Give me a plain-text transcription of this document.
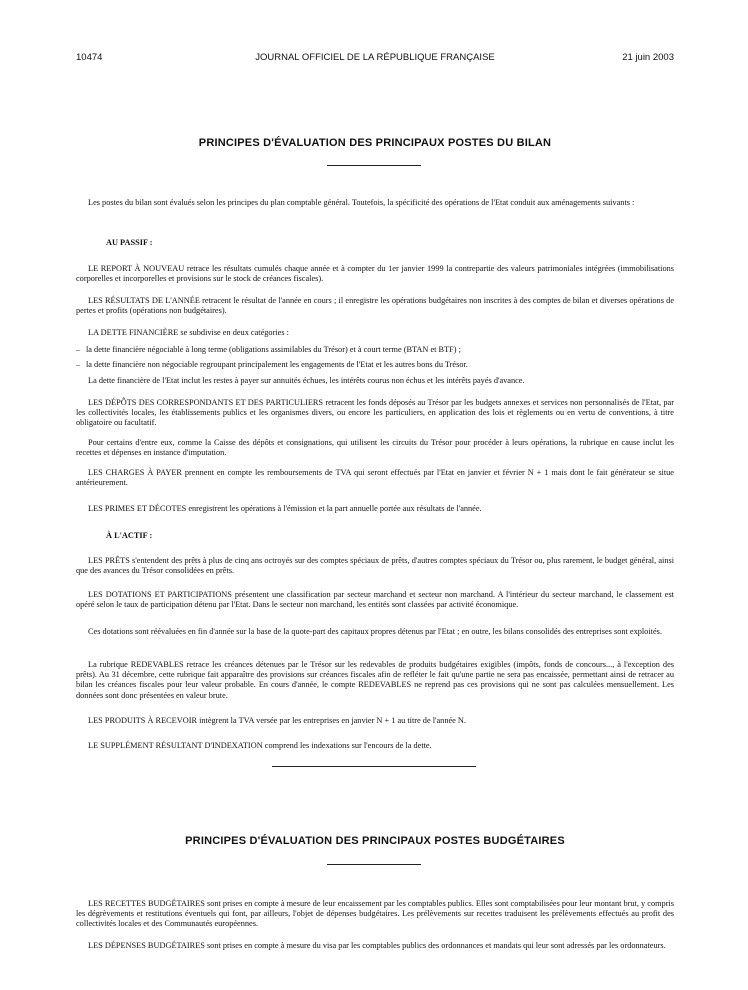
10474	JOURNAL OFFICIEL DE LA RÉPUBLIQUE FRANÇAISE	21 juin 2003
PRINCIPES D'ÉVALUATION DES PRINCIPAUX POSTES DU BILAN

Les postes du bilan sont évalués selon les principes du plan comptable général. Toutefois, la spécificité des opérations de l'Etat conduit aux aménagements suivants :

AU PASSIF :

LE REPORT À NOUVEAU retrace les résultats cumulés chaque année et à compter du 1er janvier 1999 la contrepartie des valeurs patrimoniales intégrées (immobilisations corporelles et incorporelles et provisions sur le stock de créances fiscales).

LES RÉSULTATS DE L'ANNÉE retracent le résultat de l'année en cours ; il enregistre les opérations budgétaires non inscrites à des comptes de bilan et diverses opérations de pertes et profits (opérations non budgétaires).

LA DETTE FINANCIÈRE se subdivise en deux catégories :

– la dette financière négociable à long terme (obligations assimilables du Trésor) et à court terme (BTAN et BTF) ;

– la dette financière non négociable regroupant principalement les engagements de l'Etat et les autres bons du Trésor.

La dette financière de l'Etat inclut les restes à payer sur annuités échues, les intérêts courus non échus et les intérêts payés d'avance.

LES DÉPÔTS DES CORRESPONDANTS ET DES PARTICULIERS retracent les fonds déposés au Trésor par les budgets annexes et services non personnalisés de l'Etat, par les collectivités locales, les établissements publics et les organismes divers, ou encore les particuliers, en application des lois et règlements ou en vertu de conventions, à titre obligatoire ou facultatif.

Pour certains d'entre eux, comme la Caisse des dépôts et consignations, qui utilisent les circuits du Trésor pour procéder à leurs opérations, la rubrique en cause inclut les recettes et dépenses en instance d'imputation.

LES CHARGES À PAYER prennent en compte les remboursements de TVA qui seront effectués par l'Etat en janvier et février N + 1 mais dont le fait générateur se situe antérieurement.

LES PRIMES ET DÉCOTES enregistrent les opérations à l'émission et la part annuelle portée aux résultats de l'année.

À L'ACTIF :

LES PRÊTS s'entendent des prêts à plus de cinq ans octroyés sur des comptes spéciaux de prêts, d'autres comptes spéciaux du Trésor ou, plus rarement, le budget général, ainsi que des avances du Trésor consolidées en prêts.

LES DOTATIONS ET PARTICIPATIONS présentent une classification par secteur marchand et secteur non marchand. A l'intérieur du secteur marchand, le classement est opéré selon le taux de participation détenu par l'Etat. Dans le secteur non marchand, les entités sont classées par activité économique.

Ces dotations sont réévaluées en fin d'année sur la base de la quote-part des capitaux propres détenus par l'Etat ; en outre, les bilans consolidés des entreprises sont exploités.

La rubrique REDEVABLES retrace les créances détenues par le Trésor sur les redevables de produits budgétaires exigibles (impôts, fonds de concours..., à l'exception des prêts). Au 31 décembre, cette rubrique fait apparaître des provisions sur créances fiscales afin de refléter le fait qu'une partie ne sera pas encaissée, permettant ainsi de retracer au bilan les créances fiscales pour leur valeur probable. En cours d'année, le compte REDEVABLES ne reprend pas ces provisions qui ne sont pas calculées mensuellement. Les données sont donc présentées en valeur brute.

LES PRODUITS À RECEVOIR intègrent la TVA versée par les entreprises en janvier N + 1 au titre de l'année N.

LE SUPPLÉMENT RÉSULTANT D'INDEXATION comprend les indexations sur l'encours de la dette.

PRINCIPES D'ÉVALUATION DES PRINCIPAUX POSTES BUDGÉTAIRES

LES RECETTES BUDGÉTAIRES sont prises en compte à mesure de leur encaissement par les comptables publics. Elles sont comptabilisées pour leur montant brut, y compris les dégrèvements et restitutions éventuels qui font, par ailleurs, l'objet de dépenses budgétaires. Les prélèvements sur recettes traduisent les prélèvements effectués au profit des collectivités locales et des Communautés européennes.

LES DÉPENSES BUDGÉTAIRES sont prises en compte à mesure du visa par les comptables publics des ordonnances et mandats qui leur sont adressés par les ordonnateurs.
